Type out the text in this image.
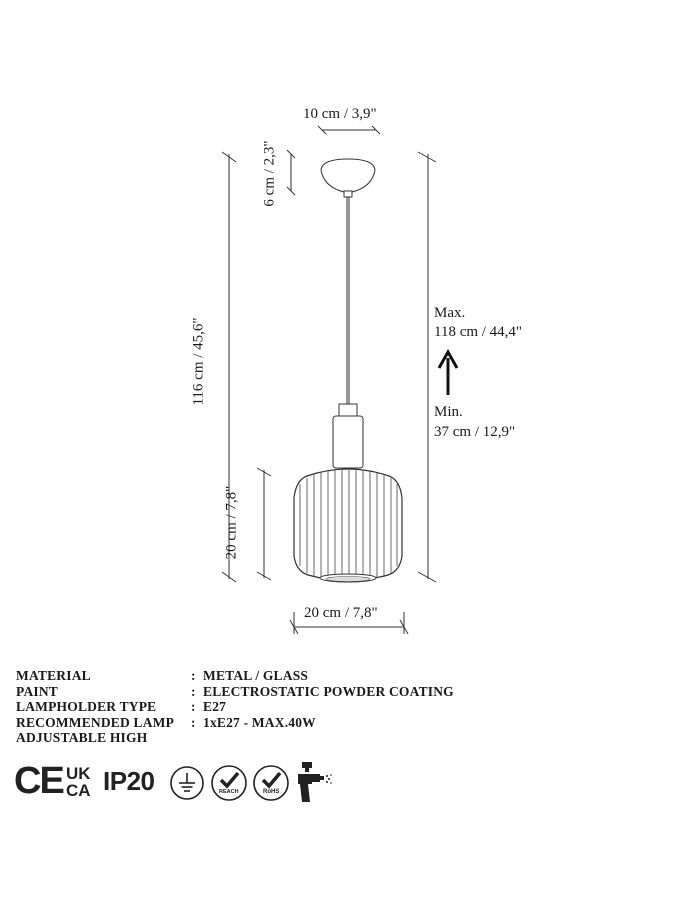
10 cm / 3,9"
6 cm / 2,3"
116 cm / 45,6"
20 cm / 7,8"
20 cm / 7,8"
Max.
118 cm / 44,4"
Min.
37 cm / 12,9"
MATERIAL	: METAL / GLASS
PAINT	: ELECTROSTATIC POWDER COATING
LAMPHOLDER TYPE	: E27
RECOMMENDED LAMP	: 1xE27 - MAX.40W
ADJUSTABLE HIGH
CE UK
CA IP20	REACH	RoHS
